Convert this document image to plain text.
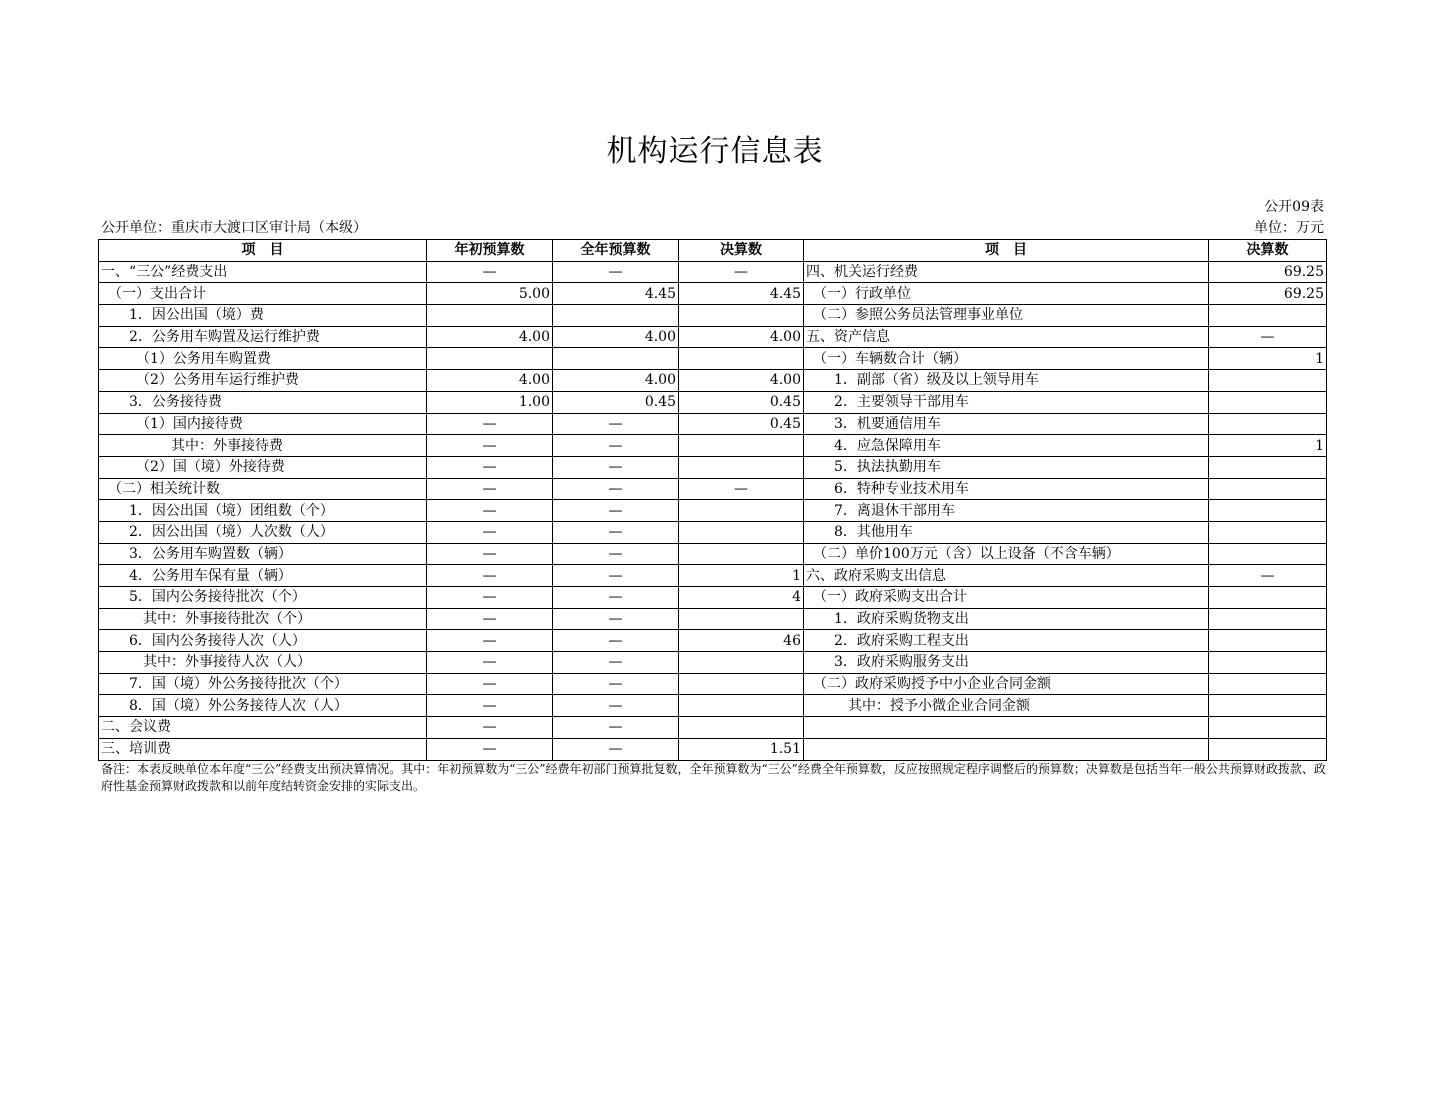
机构运行信息表
公开09表
公开单位：重庆市大渡口区审计局（本级）	单位：万元
项　目	年初预算数	全年预算数	决算数	项　目	决算数
一、“三公”经费支出	—	—	—	四、机关运行经费	69.25
　（一）支出合计	5.00	4.45	4.45	　（一）行政单位	69.25
　　1．因公出国（境）费				　（二）参照公务员法管理事业单位	
　　2．公务用车购置及运行维护费	4.00	4.00	4.00	五、资产信息	—
　　　（1）公务用车购置费				　（一）车辆数合计（辆）	1
　　　（2）公务用车运行维护费	4.00	4.00	4.00	　　1．副部（省）级及以上领导用车	
　　3．公务接待费	1.00	0.45	0.45	　　2．主要领导干部用车	
　　　（1）国内接待费	—	—	0.45	　　3．机要通信用车	
　　　　　其中：外事接待费	—	—		　　4．应急保障用车	1
　　　（2）国（境）外接待费	—	—		　　5．执法执勤用车	
　（二）相关统计数	—	—	—	　　6．特种专业技术用车	
　　1．因公出国（境）团组数（个）	—	—		　　7．离退休干部用车	
　　2．因公出国（境）人次数（人）	—	—		　　8．其他用车	
　　3．公务用车购置数（辆）	—	—		　（二）单价100万元（含）以上设备（不含车辆）	
　　4．公务用车保有量（辆）	—	—	1	六、政府采购支出信息	—
　　5．国内公务接待批次（个）	—	—	4	　（一）政府采购支出合计	
　　　其中：外事接待批次（个）	—	—		　　1．政府采购货物支出	
　　6．国内公务接待人次（人）	—	—	46	　　2．政府采购工程支出	
　　　其中：外事接待人次（人）	—	—		　　3．政府采购服务支出	
　　7．国（境）外公务接待批次（个）	—	—		　（二）政府采购授予中小企业合同金额	
　　8．国（境）外公务接待人次（人）	—	—		　　　其中：授予小微企业合同金额	
二、会议费	—	—			
三、培训费	—	—	1.51		
备注：本表反映单位本年度“三公”经费支出预决算情况。其中：年初预算数为“三公”经费年初部门预算批复数，全年预算数为“三公”经费全年预算数，反应按照规定程序调整后的预算数；决算数是包括当年一般公共预算财政拨款、政府性基金预算财政拨款和以前年度结转资金安排的实际支出。
